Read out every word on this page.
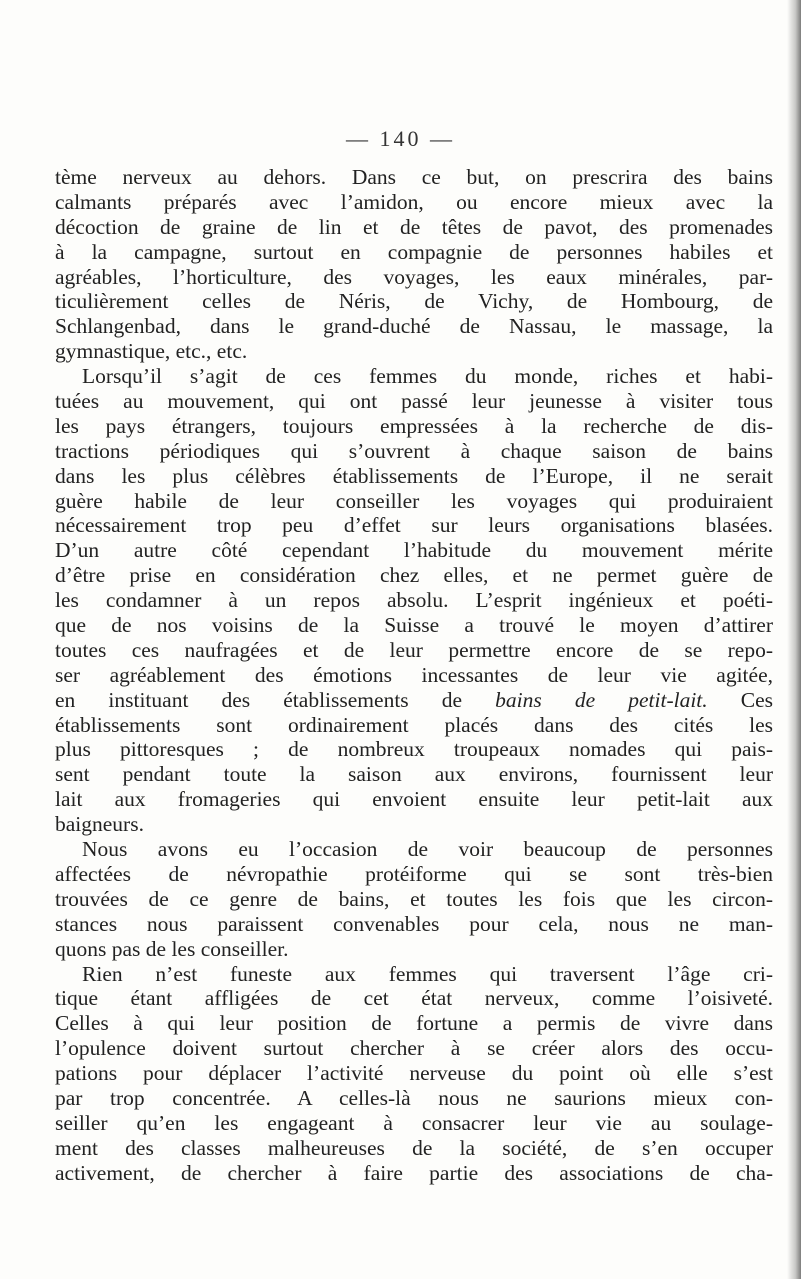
— 140 —
tème nerveux au dehors. Dans ce but, on prescrira des bains
calmants préparés avec l’amidon, ou encore mieux avec la
décoction de graine de lin et de têtes de pavot, des promenades
à la campagne, surtout en compagnie de personnes habiles et
agréables, l’horticulture, des voyages, les eaux minérales, par-
ticulièrement celles de Néris, de Vichy, de Hombourg, de
Schlangenbad, dans le grand-duché de Nassau, le massage, la
gymnastique, etc., etc.
Lorsqu’il s’agit de ces femmes du monde, riches et habi-
tuées au mouvement, qui ont passé leur jeunesse à visiter tous
les pays étrangers, toujours empressées à la recherche de dis-
tractions périodiques qui s’ouvrent à chaque saison de bains
dans les plus célèbres établissements de l’Europe, il ne serait
guère habile de leur conseiller les voyages qui produiraient
nécessairement trop peu d’effet sur leurs organisations blasées.
D’un autre côté cependant l’habitude du mouvement mérite
d’être prise en considération chez elles, et ne permet guère de
les condamner à un repos absolu. L’esprit ingénieux et poéti-
que de nos voisins de la Suisse a trouvé le moyen d’attirer
toutes ces naufragées et de leur permettre encore de se repo-
ser agréablement des émotions incessantes de leur vie agitée,
en instituant des établissements de bains de petit-lait. Ces
établissements sont ordinairement placés dans des cités les
plus pittoresques ; de nombreux troupeaux nomades qui pais-
sent pendant toute la saison aux environs, fournissent leur
lait aux fromageries qui envoient ensuite leur petit-lait aux
baigneurs.
Nous avons eu l’occasion de voir beaucoup de personnes
affectées de névropathie protéiforme qui se sont très-bien
trouvées de ce genre de bains, et toutes les fois que les circon-
stances nous paraissent convenables pour cela, nous ne man-
quons pas de les conseiller.
Rien n’est funeste aux femmes qui traversent l’âge cri-
tique étant affligées de cet état nerveux, comme l’oisiveté.
Celles à qui leur position de fortune a permis de vivre dans
l’opulence doivent surtout chercher à se créer alors des occu-
pations pour déplacer l’activité nerveuse du point où elle s’est
par trop concentrée. A celles-là nous ne saurions mieux con-
seiller qu’en les engageant à consacrer leur vie au soulage-
ment des classes malheureuses de la société, de s’en occuper
activement, de chercher à faire partie des associations de cha-
